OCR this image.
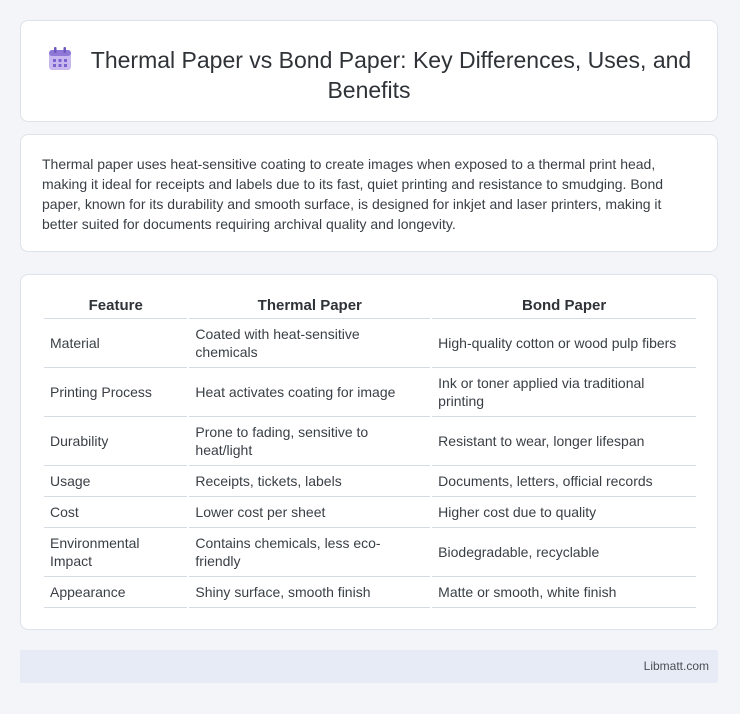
Thermal Paper vs Bond Paper: Key Differences, Uses, and Benefits
Thermal paper uses heat-sensitive coating to create images when exposed to a thermal print head, making it ideal for receipts and labels due to its fast, quiet printing and resistance to smudging. Bond paper, known for its durability and smooth surface, is designed for inkjet and laser printers, making it better suited for documents requiring archival quality and longevity.
Feature	Thermal Paper	Bond Paper
Material	Coated with heat-sensitive chemicals	High-quality cotton or wood pulp fibers
Printing Process	Heat activates coating for image	Ink or toner applied via traditional printing
Durability	Prone to fading, sensitive to heat/light	Resistant to wear, longer lifespan
Usage	Receipts, tickets, labels	Documents, letters, official records
Cost	Lower cost per sheet	Higher cost due to quality
Environmental Impact	Contains chemicals, less eco-friendly	Biodegradable, recyclable
Appearance	Shiny surface, smooth finish	Matte or smooth, white finish
Libmatt.com
